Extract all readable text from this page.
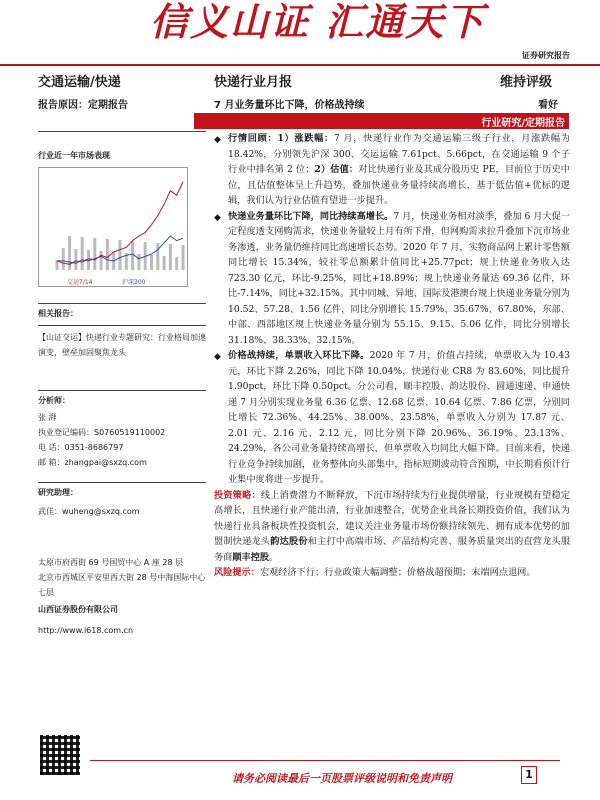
信义山证 汇通天下
证券研究报告
交通运输/快递	快递行业月报	维持评级
报告原因：定期报告	7 月业务量环比下降，价格战持续	看好
行业研究/定期报告
行业近一年市场表现
交运7/14	沪深300
相关报告：
【山证交运】快递行业专题研究：行业格局加速演变，壁垒加固聚焦龙头
分析师：
张 湃
执业登记编码：S0760519110002
电 话：0351-8686797
邮 箱：zhangpai@sxzq.com
研究助理：
武佳：wuheng@sxzq.com
太原市府西街 69 号国贸中心 A 座 28 层
北京市西城区平安里西大街 28 号中海国际中心七层
山西证券股份有限公司
http://www.i618.com.cn
◆ 行情回顾：1）涨跌幅：7 月，快递行业作为交通运输三级子行业，月涨跌幅为 18.42%，分别领先沪深 300、交运运输 7.61pct、5.66pct，在交通运输 9 个子行业中排名第 2 位；2）估值：对比快递行业及其成分股历史 PE，目前位于历史中位，且估值整体呈上升趋势，叠加快递业务量持续高增长，基于低估值+优标的逻辑，我们认为行业估值有望进一步提升。
◆ 快递业务量环比下降，同比持续高增长。7 月，快递业务相对淡季，叠加 6 月大促一定程度透支网购需求，快递业务量较上月有所下滑，但网购需求拉升叠加下沉市场业务渗透，业务量仍维持同比高速增长态势。2020 年 7 月，实物商品网上累计零售额同比增长 15.34%，较社零总额累计值同比+25.77pct；规上快递业务收入达 723.30 亿元，环比-9.25%，同比+18.89%；规上快递业务量达 69.36 亿件，环比-7.14%，同比+32.15%。其中同城、异地、国际及港澳台规上快递业务量分别为 10.52、57.28、1.56 亿件，同比分别增长 15.79%、35.67%、67.80%，东部、中部、西部地区规上快递业务量分别为 55.15、9.15、5.06 亿件，同比分别增长 31.18%、38.33%、32.15%。
◆ 价格战持续，单票收入环比下降。2020 年 7 月，价值占持续，单票收入为 10.43 元，环比下降 2.26%，同比下降 10.04%，快递行业 CR8 为 83.60%，同比提升 1.90pct，环比下降 0.50pct。分公司看，顺丰控股、韵达股份、圆通速递、申通快递 7 月分别实现业务量 6.36 亿票、12.68 亿票、10.64 亿票、7.86 亿票，分别同比增长 72.36%、44.25%、38.00%、23.58%，单票收入分别为 17.87 元、2.01 元、2.16 元、2.12 元，同比分别下降 20.96%、36.19%、23.13%、24.29%，各公司业务量持续高增长，但单票收入均同比大幅下降。目前来看，快递行业竞争持续加剧，业务整体向头部集中，指标短期波动符合预期，中长期看预计行业集中度将进一步提升。
投资策略：线上消费潜力不断释放，下沉市场持续为行业提供增量，行业规模有望稳定高增长，且快递行业产能出清，行业加速整合，优势企业具备长期投资价值，我们认为快递行业具备板块性投资机会，建议关注业务量市场份额持续领先、拥有成本优势的加盟制快递龙头韵达股份和主打中高端市场、产品结构完善、服务质量突出的直营龙头服务商顺丰控股。
风险提示：宏观经济下行；行业政策大幅调整；价格战超预期；末端网点退网。
请务必阅读最后一页股票评级说明和免责声明	1
